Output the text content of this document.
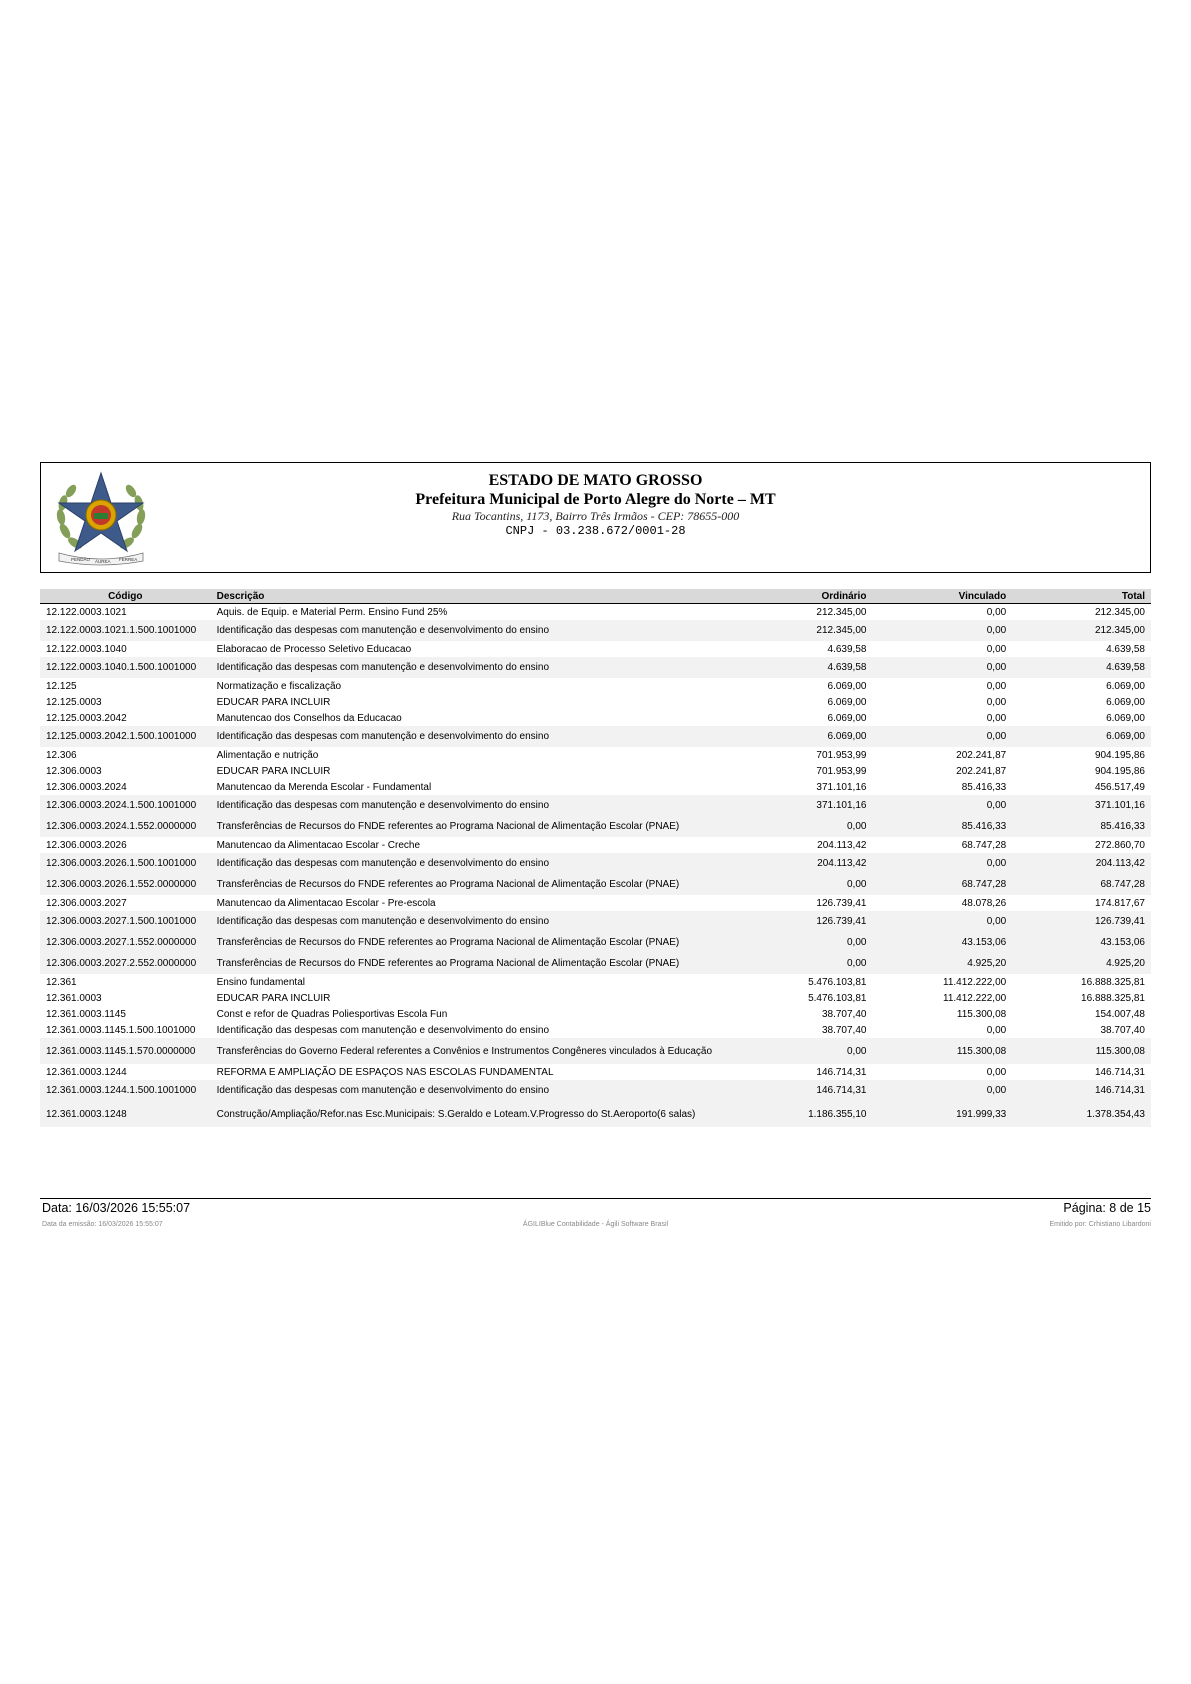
PENDÃO ÁUREA FERREA
ESTADO DE MATO GROSSO
Prefeitura Municipal de Porto Alegre do Norte – MT
Rua Tocantins, 1173, Bairro Três Irmãos - CEP: 78655-000
CNPJ - 03.238.672/0001-28
Código	Descrição	Ordinário	Vinculado	Total
12.122.0003.1021	Aquis. de Equip. e Material Perm. Ensino Fund 25%	212.345,00	0,00	212.345,00
12.122.0003.1021.1.500.1001000	Identificação das despesas com manutenção e desenvolvimento do ensino	212.345,00	0,00	212.345,00
12.122.0003.1040	Elaboracao de Processo Seletivo Educacao	4.639,58	0,00	4.639,58
12.122.0003.1040.1.500.1001000	Identificação das despesas com manutenção e desenvolvimento do ensino	4.639,58	0,00	4.639,58
12.125	Normatização e fiscalização	6.069,00	0,00	6.069,00
12.125.0003	EDUCAR PARA INCLUIR	6.069,00	0,00	6.069,00
12.125.0003.2042	Manutencao dos Conselhos da Educacao	6.069,00	0,00	6.069,00
12.125.0003.2042.1.500.1001000	Identificação das despesas com manutenção e desenvolvimento do ensino	6.069,00	0,00	6.069,00
12.306	Alimentação e nutrição	701.953,99	202.241,87	904.195,86
12.306.0003	EDUCAR PARA INCLUIR	701.953,99	202.241,87	904.195,86
12.306.0003.2024	Manutencao da Merenda Escolar - Fundamental	371.101,16	85.416,33	456.517,49
12.306.0003.2024.1.500.1001000	Identificação das despesas com manutenção e desenvolvimento do ensino	371.101,16	0,00	371.101,16
12.306.0003.2024.1.552.0000000	Transferências de Recursos do FNDE referentes ao Programa Nacional de Alimentação Escolar (PNAE)	0,00	85.416,33	85.416,33
12.306.0003.2026	Manutencao da Alimentacao Escolar - Creche	204.113,42	68.747,28	272.860,70
12.306.0003.2026.1.500.1001000	Identificação das despesas com manutenção e desenvolvimento do ensino	204.113,42	0,00	204.113,42
12.306.0003.2026.1.552.0000000	Transferências de Recursos do FNDE referentes ao Programa Nacional de Alimentação Escolar (PNAE)	0,00	68.747,28	68.747,28
12.306.0003.2027	Manutencao da Alimentacao Escolar - Pre-escola	126.739,41	48.078,26	174.817,67
12.306.0003.2027.1.500.1001000	Identificação das despesas com manutenção e desenvolvimento do ensino	126.739,41	0,00	126.739,41
12.306.0003.2027.1.552.0000000	Transferências de Recursos do FNDE referentes ao Programa Nacional de Alimentação Escolar (PNAE)	0,00	43.153,06	43.153,06
12.306.0003.2027.2.552.0000000	Transferências de Recursos do FNDE referentes ao Programa Nacional de Alimentação Escolar (PNAE)	0,00	4.925,20	4.925,20
12.361	Ensino fundamental	5.476.103,81	11.412.222,00	16.888.325,81
12.361.0003	EDUCAR PARA INCLUIR	5.476.103,81	11.412.222,00	16.888.325,81
12.361.0003.1145	Const e refor de Quadras Poliesportivas Escola Fun	38.707,40	115.300,08	154.007,48
12.361.0003.1145.1.500.1001000	Identificação das despesas com manutenção e desenvolvimento do ensino	38.707,40	0,00	38.707,40
12.361.0003.1145.1.570.0000000	Transferências do Governo Federal referentes a Convênios e Instrumentos Congêneres vinculados à Educação	0,00	115.300,08	115.300,08
12.361.0003.1244	REFORMA E AMPLIAÇÃO DE ESPAÇOS NAS ESCOLAS FUNDAMENTAL	146.714,31	0,00	146.714,31
12.361.0003.1244.1.500.1001000	Identificação das despesas com manutenção e desenvolvimento do ensino	146.714,31	0,00	146.714,31
12.361.0003.1248	Construção/Ampliação/Refor.nas Esc.Municipais: S.Geraldo e Loteam.V.Progresso do St.Aeroporto(6 salas)	1.186.355,10	191.999,33	1.378.354,43
Data: 16/03/2026 15:55:07	Página: 8 de 15
Data da emissão: 16/03/2026 15:55:07	ÁGILIBlue Contabilidade - Ágili Software Brasil	Emitido por: Crhistiano Libardoni
